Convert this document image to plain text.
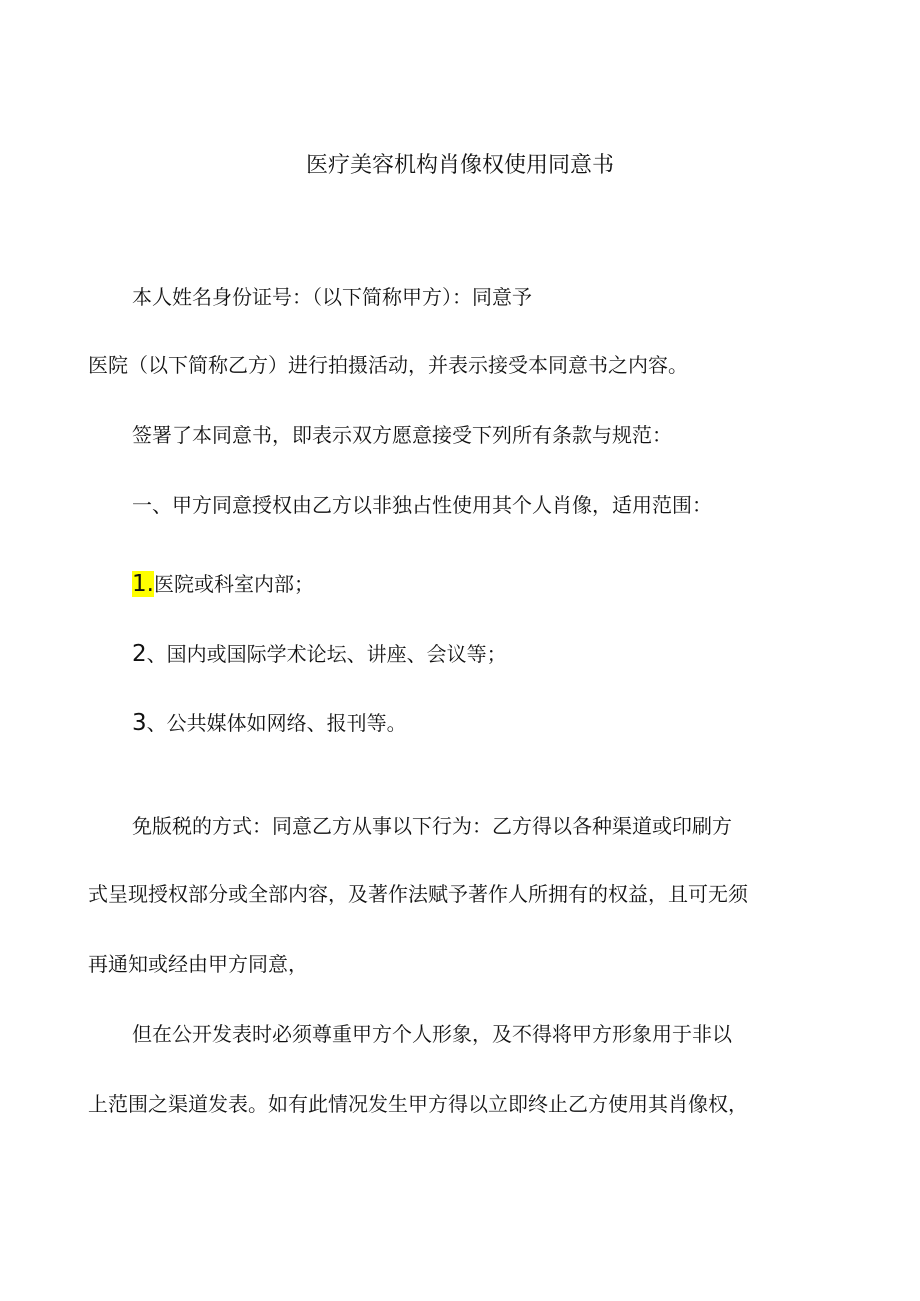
医疗美容机构肖像权使用同意书
本人姓名身份证号：（以下简称甲方）：同意予
医院（以下简称乙方）进行拍摄活动，并表示接受本同意书之内容。
签署了本同意书，即表示双方愿意接受下列所有条款与规范：
一、甲方同意授权由乙方以非独占性使用其个人肖像，适用范围：
1.医院或科室内部；
2、国内或国际学术论坛、讲座、会议等；
3、公共媒体如网络、报刊等。
免版税的方式：同意乙方从事以下行为：乙方得以各种渠道或印刷方
式呈现授权部分或全部内容，及著作法赋予著作人所拥有的权益，且可无须
再通知或经由甲方同意，
但在公开发表时必须尊重甲方个人形象，及不得将甲方形象用于非以
上范围之渠道发表。如有此情况发生甲方得以立即终止乙方使用其肖像权，
